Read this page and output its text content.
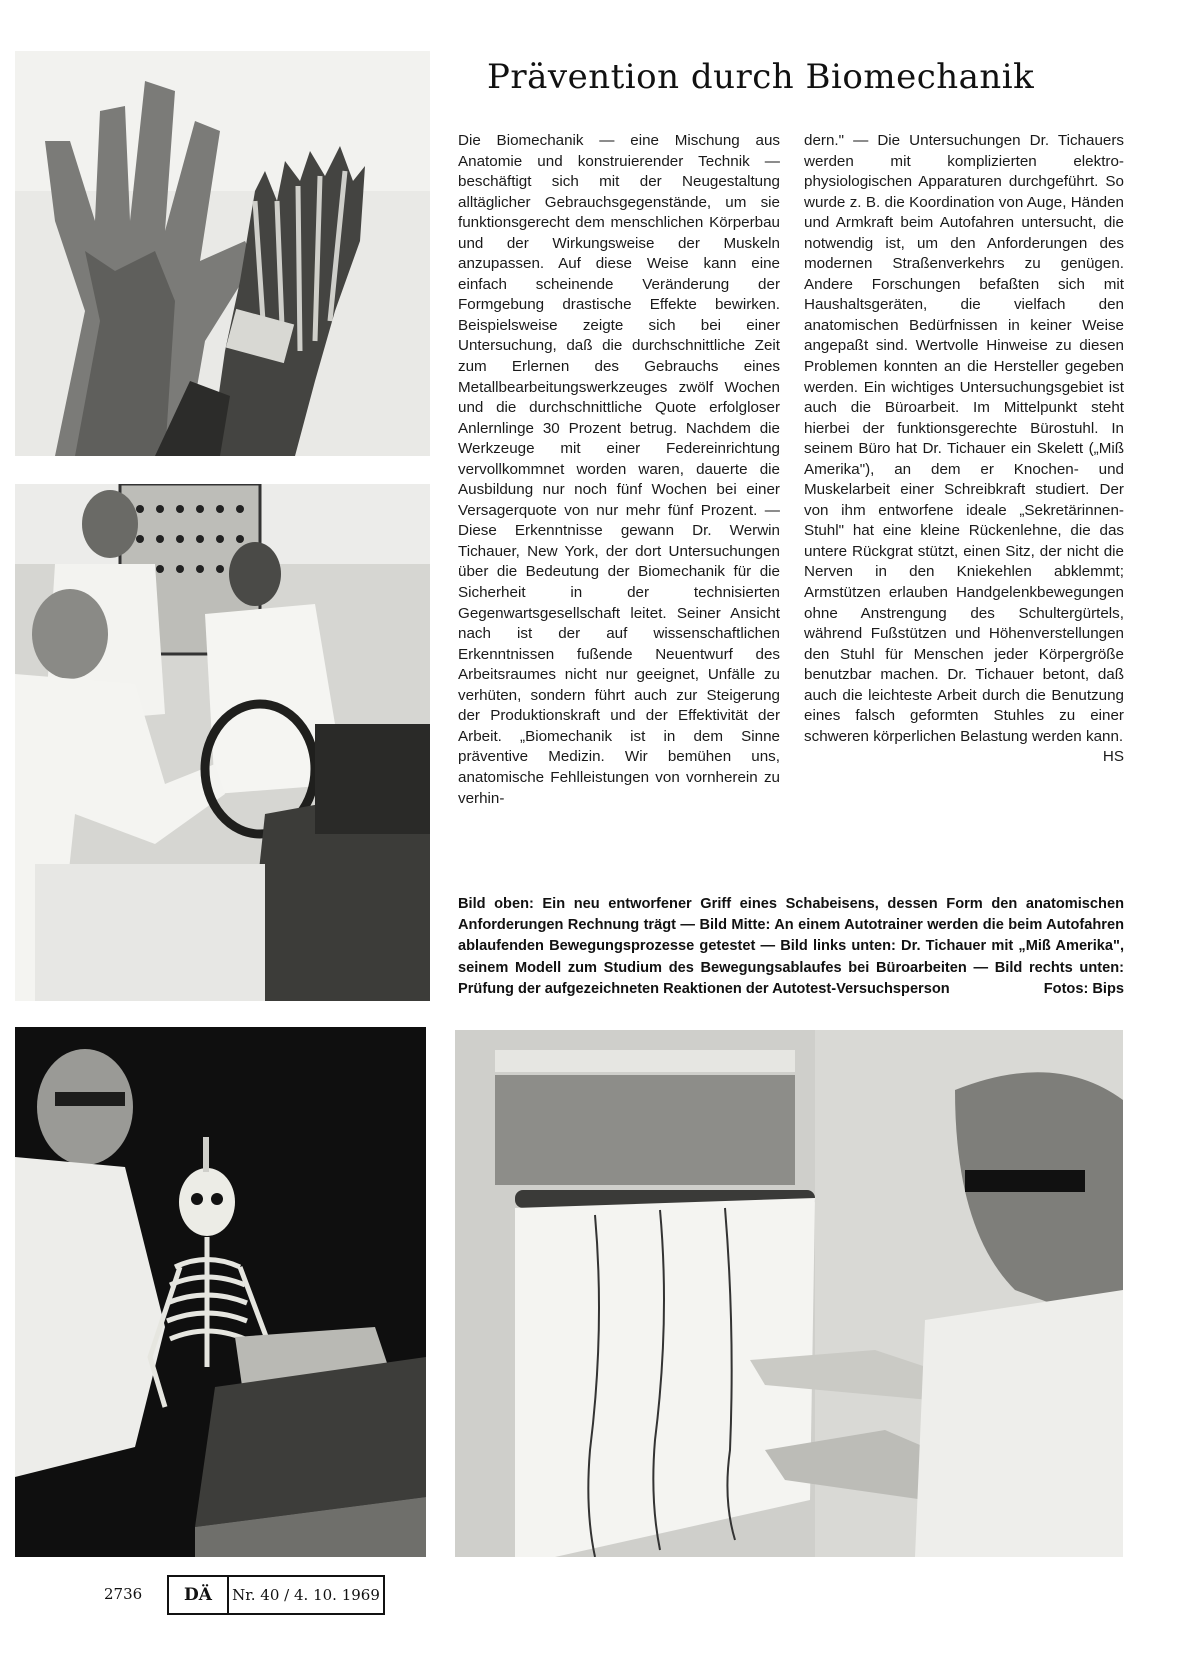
Prävention durch Biomechanik

Die Biomechanik — eine Mischung aus Anatomie und konstruierender Technik — beschäftigt sich mit der Neugestaltung alltäglicher Gebrauchsgegenstände, um sie funktionsgerecht dem menschlichen Körperbau und der Wirkungsweise der Muskeln anzupassen. Auf diese Weise kann eine einfach scheinende Veränderung der Formgebung drastische Effekte bewirken. Beispielsweise zeigte sich bei einer Untersuchung, daß die durchschnittliche Zeit zum Erlernen des Gebrauchs eines Metallbearbeitungswerkzeuges zwölf Wochen und die durchschnittliche Quote erfolgloser Anlernlinge 30 Prozent betrug. Nachdem die Werkzeuge mit einer Federeinrichtung vervollkommnet worden waren, dauerte die Ausbildung nur noch fünf Wochen bei einer Versagerquote von nur mehr fünf Prozent. — Diese Erkenntnisse gewann Dr. Werwin Tichauer, New York, der dort Untersuchungen über die Bedeutung der Biomechanik für die Sicherheit in der technisierten Gegenwartsgesellschaft leitet. Seiner Ansicht nach ist der auf wissenschaftlichen Erkenntnissen fußende Neuentwurf des Arbeitsraumes nicht nur geeignet, Unfälle zu verhüten, sondern führt auch zur Steigerung der Produktionskraft und der Effektivität der Arbeit. „Biomechanik ist in dem Sinne präventive Medizin. Wir bemühen uns, anatomische Fehlleistungen von vornherein zu verhin-

dern." — Die Untersuchungen Dr. Tichauers werden mit komplizierten elektro-physiologischen Apparaturen durchgeführt. So wurde z. B. die Koordination von Auge, Händen und Armkraft beim Autofahren untersucht, die notwendig ist, um den Anforderungen des modernen Straßenverkehrs zu genügen. Andere Forschungen befaßten sich mit Haushaltsgeräten, die vielfach den anatomischen Bedürfnissen in keiner Weise angepaßt sind. Wertvolle Hinweise zu diesen Problemen konnten an die Hersteller gegeben werden. Ein wichtiges Untersuchungsgebiet ist auch die Büroarbeit. Im Mittelpunkt steht hierbei der funktionsgerechte Bürostuhl. In seinem Büro hat Dr. Tichauer ein Skelett („Miß Amerika"), an dem er Knochen- und Muskelarbeit einer Schreibkraft studiert. Der von ihm entworfene ideale „Sekretärinnen-Stuhl" hat eine kleine Rückenlehne, die das untere Rückgrat stützt, einen Sitz, der nicht die Nerven in den Kniekehlen abklemmt; Armstützen erlauben Handgelenkbewegungen ohne Anstrengung des Schultergürtels, während Fußstützen und Höhenverstellungen den Stuhl für Menschen jeder Körpergröße benutzbar machen. Dr. Tichauer betont, daß auch die leichteste Arbeit durch die Benutzung eines falsch geformten Stuhles zu einer schweren körperlichen Belastung werden kann.
HS

Bild oben: Ein neu entworfener Griff eines Schabeisens, dessen Form den anatomischen Anforderungen Rechnung trägt — Bild Mitte: An einem Autotrainer werden die beim Autofahren ablaufenden Bewegungsprozesse getestet — Bild links unten: Dr. Tichauer mit „Miß Amerika", seinem Modell zum Studium des Bewegungsablaufes bei Büroarbeiten — Bild rechts unten: Prüfung der aufgezeichneten Reaktionen der Autotest-Versuchsperson	Fotos: Bips

2736	DÄ	Nr. 40 / 4. 10. 1969
